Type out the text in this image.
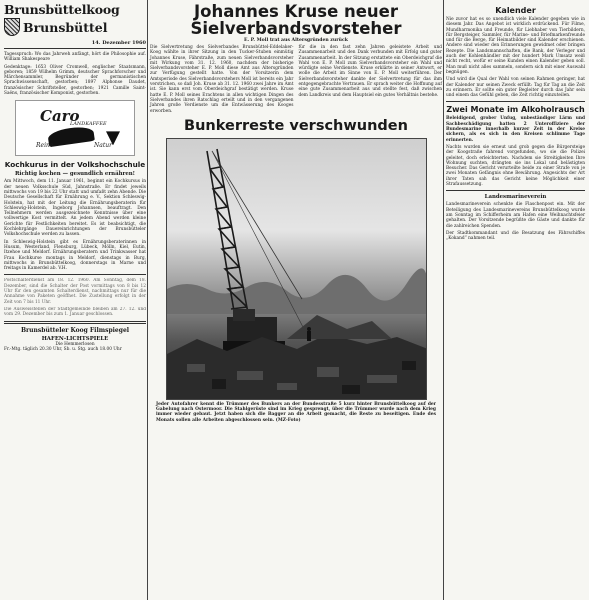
Brunsbüttelkoog
Brunsbüttel
14. Dezember 1960

Tagesspruch: Wo das Jahrweh anfängt, hört die Philosophie auf. William Shakespeare

Gedenktage: 1653 Oliver Cromwell, englischer Staatsmann, geboren; 1859 Wilhelm Grimm, deutscher Sprachforscher und Märchensammler, Begründer der germanistischen Sprachwissenschaft, gestorben; 1897 Alphonse Daudet, französischer Schriftsteller, gestorben; 1921 Camille Saint-Saëns, französischer Komponist, gestorben.

Caro
LANDKAFFEE
Reine	Natur
Kochkurus in der Volkshochschule
Richtig kochen — gesundlich ernähren!

Am Mittwoch, dem 11. Januar 1961, beginnt ein Kochkursus in der neuen Volksschule Süd, Jahnstraße. Er findet jeweils mittwochs von 19 bis 22 Uhr statt und umfaßt zehn Abende. Die Deutsche Gesellschaft für Ernährung e. V., Sektion Schleswig-Holstein, hat mit der Leitung die Ernährungsberaterin für Schleswig-Holstein, Ingeborg Johannsen, beauftragt. Den Teilnehmern werden ausgezeichnete Kenntnisse über eine vollwertige Kost vermittelt. An jedem Abend werden kleine Gerichte für Festlichkeiten bereitet. Es ist beabsichtigt, die Kochlehrgänge Dauereinrichtungen der Brunsbütteler Volkshochschule werden zu lassen.

In Schleswig-Holstein gibt es Ernährungsberaterinnen in Husum, Westerland, Flensburg, Lübeck, Mölln, Kiel, Eutin, Itzehoe und Meldorf. Ernährungsberatern und Trinkwasser hat Frau Kochkurse montags in Meldorf, dienstags in Burg, mittwochs in Brunsbüttelkoog, donnerstags in Marne und freitags in Kamerdel ab. V.H.

Postschalterdienst am 18. 12. 1960. Am Sonntag, dem 18. Dezember, sind die Schalter der Post vormittags von 8 bis 12 Uhr für den gesamten Schalterdienst, nachmittags nur für die Annahme von Paketen geöffnet. Die Zustellung erfolgt in der Zeit von 7 bis 11 Uhr.

Die Ausweisstellen der Stadtgemeinde bleiben am 27. 12. und vom 29. Dezember bis zum 1. Januar geschlossen.

Brunsbütteler Koog Filmspiegel
HAFEN-LICHTSPIELE
Die Hemmerlosen
Fr.-Mtg. täglich 20.30 Uhr, Sb. u. Stg. auch 18.00 Uhr
Johannes Kruse neuer Sielverbandsvorsteher
E. P. Moll trat aus Altersgründen zurück

Die Sielvertretung des Sielverbandes Brunsbüttel-Eddelaker-Koog wählte in ihrer Sitzung in den Tucker-Stuben einmütig Johannes Kruse, Fährstraße, zum neuen Sielverbandsvorsteher mit Wirkung vom 31. 12. 1960, nachdem der bisherige Sielverbandsvorsteher E. P. Moll diese Amt aus Altersgründen zur Verfügung gestellt hatte. Von der Vorsitzerin dem Amtsperiode des Sielverbandsvorstehers Moll ist bereits ein Jahr verstrichen, so daß Joh. Kruse ab 31. 12. 1960 zwei Jahre im Amt ist. Sie kann erst vom Oberdeichgraf bestätigt werden. Kruse hatte E. P. Moll seines Erachtens in allen wichtigen Dingen des Sielverbandes ihren Ratschlag erteilt und in den vergangenen Jahren große Verdienste um die Entwässerung des Kooges erworben.

für die in den fast zehn Jahren geleistete Arbeit und Zusammenarbeit und den Dank verbunden mit Erfolg und guter Zusammenarbeit. In der Sitzung erstattete ein Oberdeichgraf die Wahl von E. P. Moll zum Sielverbandsvorsteher ein Wahl und würdigte seine Verdienste. Kruse erklärte in seiner Antwort, er wolle die Arbeit im Sinne von E. P. Moll weiterführen. Der Sielverbandsvorsteher dankte der Sielvertretung für das ihm entgegengebrachte Vertrauen. Er sprach weiter die Hoffnung auf eine gute Zusammenarbeit aus und stellte fest, daß zwischen dem Landkreis und dem Hauptsiel ein gutes Verhältnis bestehe.

Bunkerreste verschwunden

Jeder Autofahrer kennt die Trümmer des Bunkers an der Bundesstraße 5 kurz hinter Brunsbüttelkoog auf der Gabelung nach Ostermoor. Die Stahlgerüste sind im Krieg gesprengt, über die Trümmer wurde nach dem Krieg immer wieder gebaut. Jetzt haben sich die Bagger an die Arbeit gemacht, die Reste zu beseitigen. Ende des Monats sollen alle Arbeiten abgeschlossen sein. (MZ-Foto)

Kalender

Nie zuvor hat es so unendlich viele Kalender gegeben wie in diesem Jahr. Das Angebot ist wirklich erdrückend. Für Filme, Mundharmonika und Freunde, für Liebhaber von Tierbildern, für Bergsteiger, Sammler, für Marine- und Briefmarkenfreunde und für die Berge, für Heimatbilder sind Kalender erschienen. Andere sind wieder den Erinnerungen gewidmet oder bringen Rezepte. Die Landsmannschaften, die Bank, der Verleger und auch der Kohlenhändler mit der hundert Mark Umsatz weiß nicht recht, wofür er seine Kunden einen Kalender geben soll. Man muß nicht alles sammeln, sondern sich mit einer Auswahl begnügen.

Und wird die Qual der Wahl von seinen Rahmen geringer, hat der Kalender nur seinen Zweck erfüllt: Tag für Tag an die Zeit zu erinnern. Er sollte ein guter Begleiter durch das Jahr sein und einem das Gefühl geben, die Zeit richtig einzuteilen.

Zwei Monate im Alkoholrausch

Beleidigend, grober Unfug, unbeständiger Lärm und Sachbeschädigung hatten 2 Unteroffiziere der Bundesmarine innerhalb kurzer Zeit in der Kreise sichern, als es sich in den Kreisen schlimme Tage erinnerten.

Nachts wurden sie erneut und grob gegen die Bürgersteige der Koogstraße fahrend vorgefunden, wo sie die Polizei geleitet, doch erleichterten. Nachdem sie Streitigkeiten Ihre Wohnung suchten, drängten sie ins Lokal und belästigten Besucher. Das Gericht verurteilte beide zu einer Strafe von je zwei Monaten Gefängnis ohne Bewährung. Angesichts der Art ihrer Taten sah das Gericht keine Möglichkeit einer Strafaussetzung.

Landesmarineverein

Landesmarineverein schenkte die Flaschenpost ein. Mit der Beteiligung des Landesmarinevereins Brunsbüttelkoog wurde am Sonntag im Schifferheim am Hafen eine Weihnachtsfeier gehalten. Der Vorsitzende begrüßte die Gäste und dankte für die zahlreichen Spenden.

Der Stadtkommandant und die Besatzung des Fährschiffes „Kokand“ nahmen teil.
